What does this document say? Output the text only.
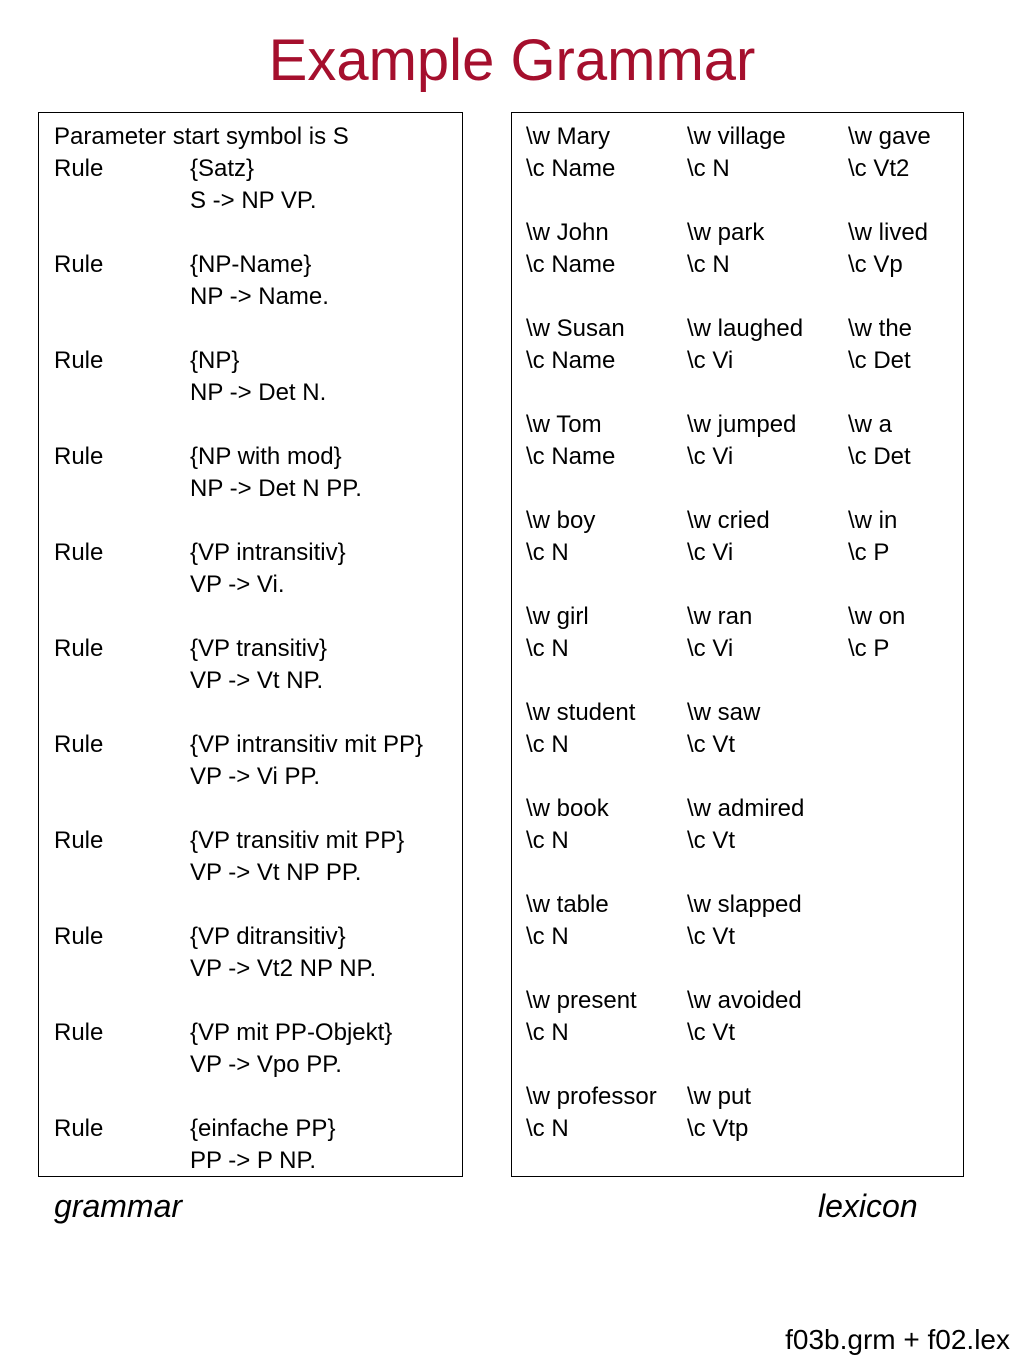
Example Grammar
Parameter start symbol is S
Rule	{Satz}
S -> NP VP.
Rule	{NP-Name}
NP -> Name.
Rule	{NP}
NP -> Det N.
Rule	{NP with mod}
NP -> Det N PP.
Rule	{VP intransitiv}
VP -> Vi.
Rule	{VP transitiv}
VP -> Vt NP.
Rule	{VP intransitiv mit PP}
VP -> Vi PP.
Rule	{VP transitiv mit PP}
VP -> Vt NP PP.
Rule	{VP ditransitiv}
VP -> Vt2 NP NP.
Rule	{VP mit PP-Objekt}
VP -> Vpo PP.
Rule	{einfache PP}
PP -> P NP.
\w Mary
\c Name
\w John
\c Name
\w Susan
\c Name
\w Tom
\c Name
\w boy
\c N
\w girl
\c N
\w student
\c N
\w book
\c N
\w table
\c N
\w present
\c N
\w professor
\c N
\w village
\c N
\w park
\c N
\w laughed
\c Vi
\w jumped
\c Vi
\w cried
\c Vi
\w ran
\c Vi
\w saw
\c Vt
\w admired
\c Vt
\w slapped
\c Vt
\w avoided
\c Vt
\w put
\c Vtp
\w gave
\c Vt2
\w lived
\c Vp
\w the
\c Det
\w a
\c Det
\w in
\c P
\w on
\c P
grammar	lexicon
f03b.grm + f02.lex
